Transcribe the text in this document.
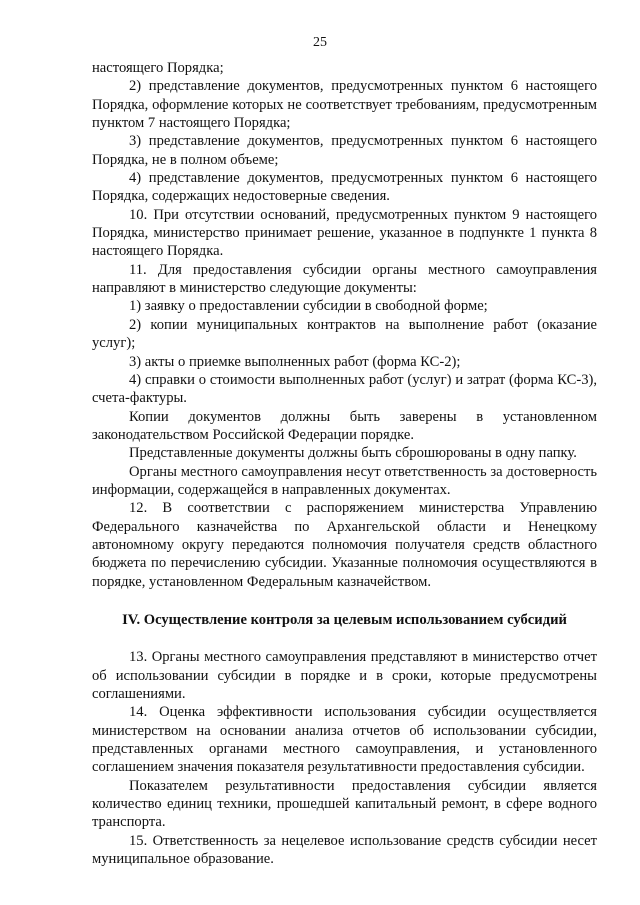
25

настоящего Порядка;

2) представление документов, предусмотренных пунктом 6 настоящего Порядка, оформление которых не соответствует требованиям, предусмотренным пунктом 7 настоящего Порядка;

3) представление документов, предусмотренных пунктом 6 настоящего Порядка, не в полном объеме;

4) представление документов, предусмотренных пунктом 6 настоящего Порядка, содержащих недостоверные сведения.

10. При отсутствии оснований, предусмотренных пунктом 9 настоящего Порядка, министерство принимает решение, указанное в подпункте 1 пункта 8 настоящего Порядка.

11. Для предоставления субсидии органы местного самоуправления направляют в министерство следующие документы:

1) заявку о предоставлении субсидии в свободной форме;

2) копии муниципальных контрактов на выполнение работ (оказание услуг);

3) акты о приемке выполненных работ (форма КС-2);

4) справки о стоимости выполненных работ (услуг) и затрат (форма КС-3), счета-фактуры.

Копии документов должны быть заверены в установленном законодательством Российской Федерации порядке.

Представленные документы должны быть сброшюрованы в одну папку.

Органы местного самоуправления несут ответственность за достоверность информации, содержащейся в направленных документах.

12. В соответствии с распоряжением министерства Управлению Федерального казначейства по Архангельской области и Ненецкому автономному округу передаются полномочия получателя средств областного бюджета по перечислению субсидии. Указанные полномочия осуществляются в порядке, установленном Федеральным казначейством.

IV. Осуществление контроля за целевым использованием субсидий

13. Органы местного самоуправления представляют в министерство отчет об использовании субсидии в порядке и в сроки, которые предусмотрены соглашениями.

14. Оценка эффективности использования субсидии осуществляется министерством на основании анализа отчетов об использовании субсидии, представленных органами местного самоуправления, и установленного соглашением значения показателя результативности предоставления субсидии.

Показателем результативности предоставления субсидии является количество единиц техники, прошедшей капитальный ремонт, в сфере водного транспорта.

15. Ответственность за нецелевое использование средств субсидии несет муниципальное образование.
